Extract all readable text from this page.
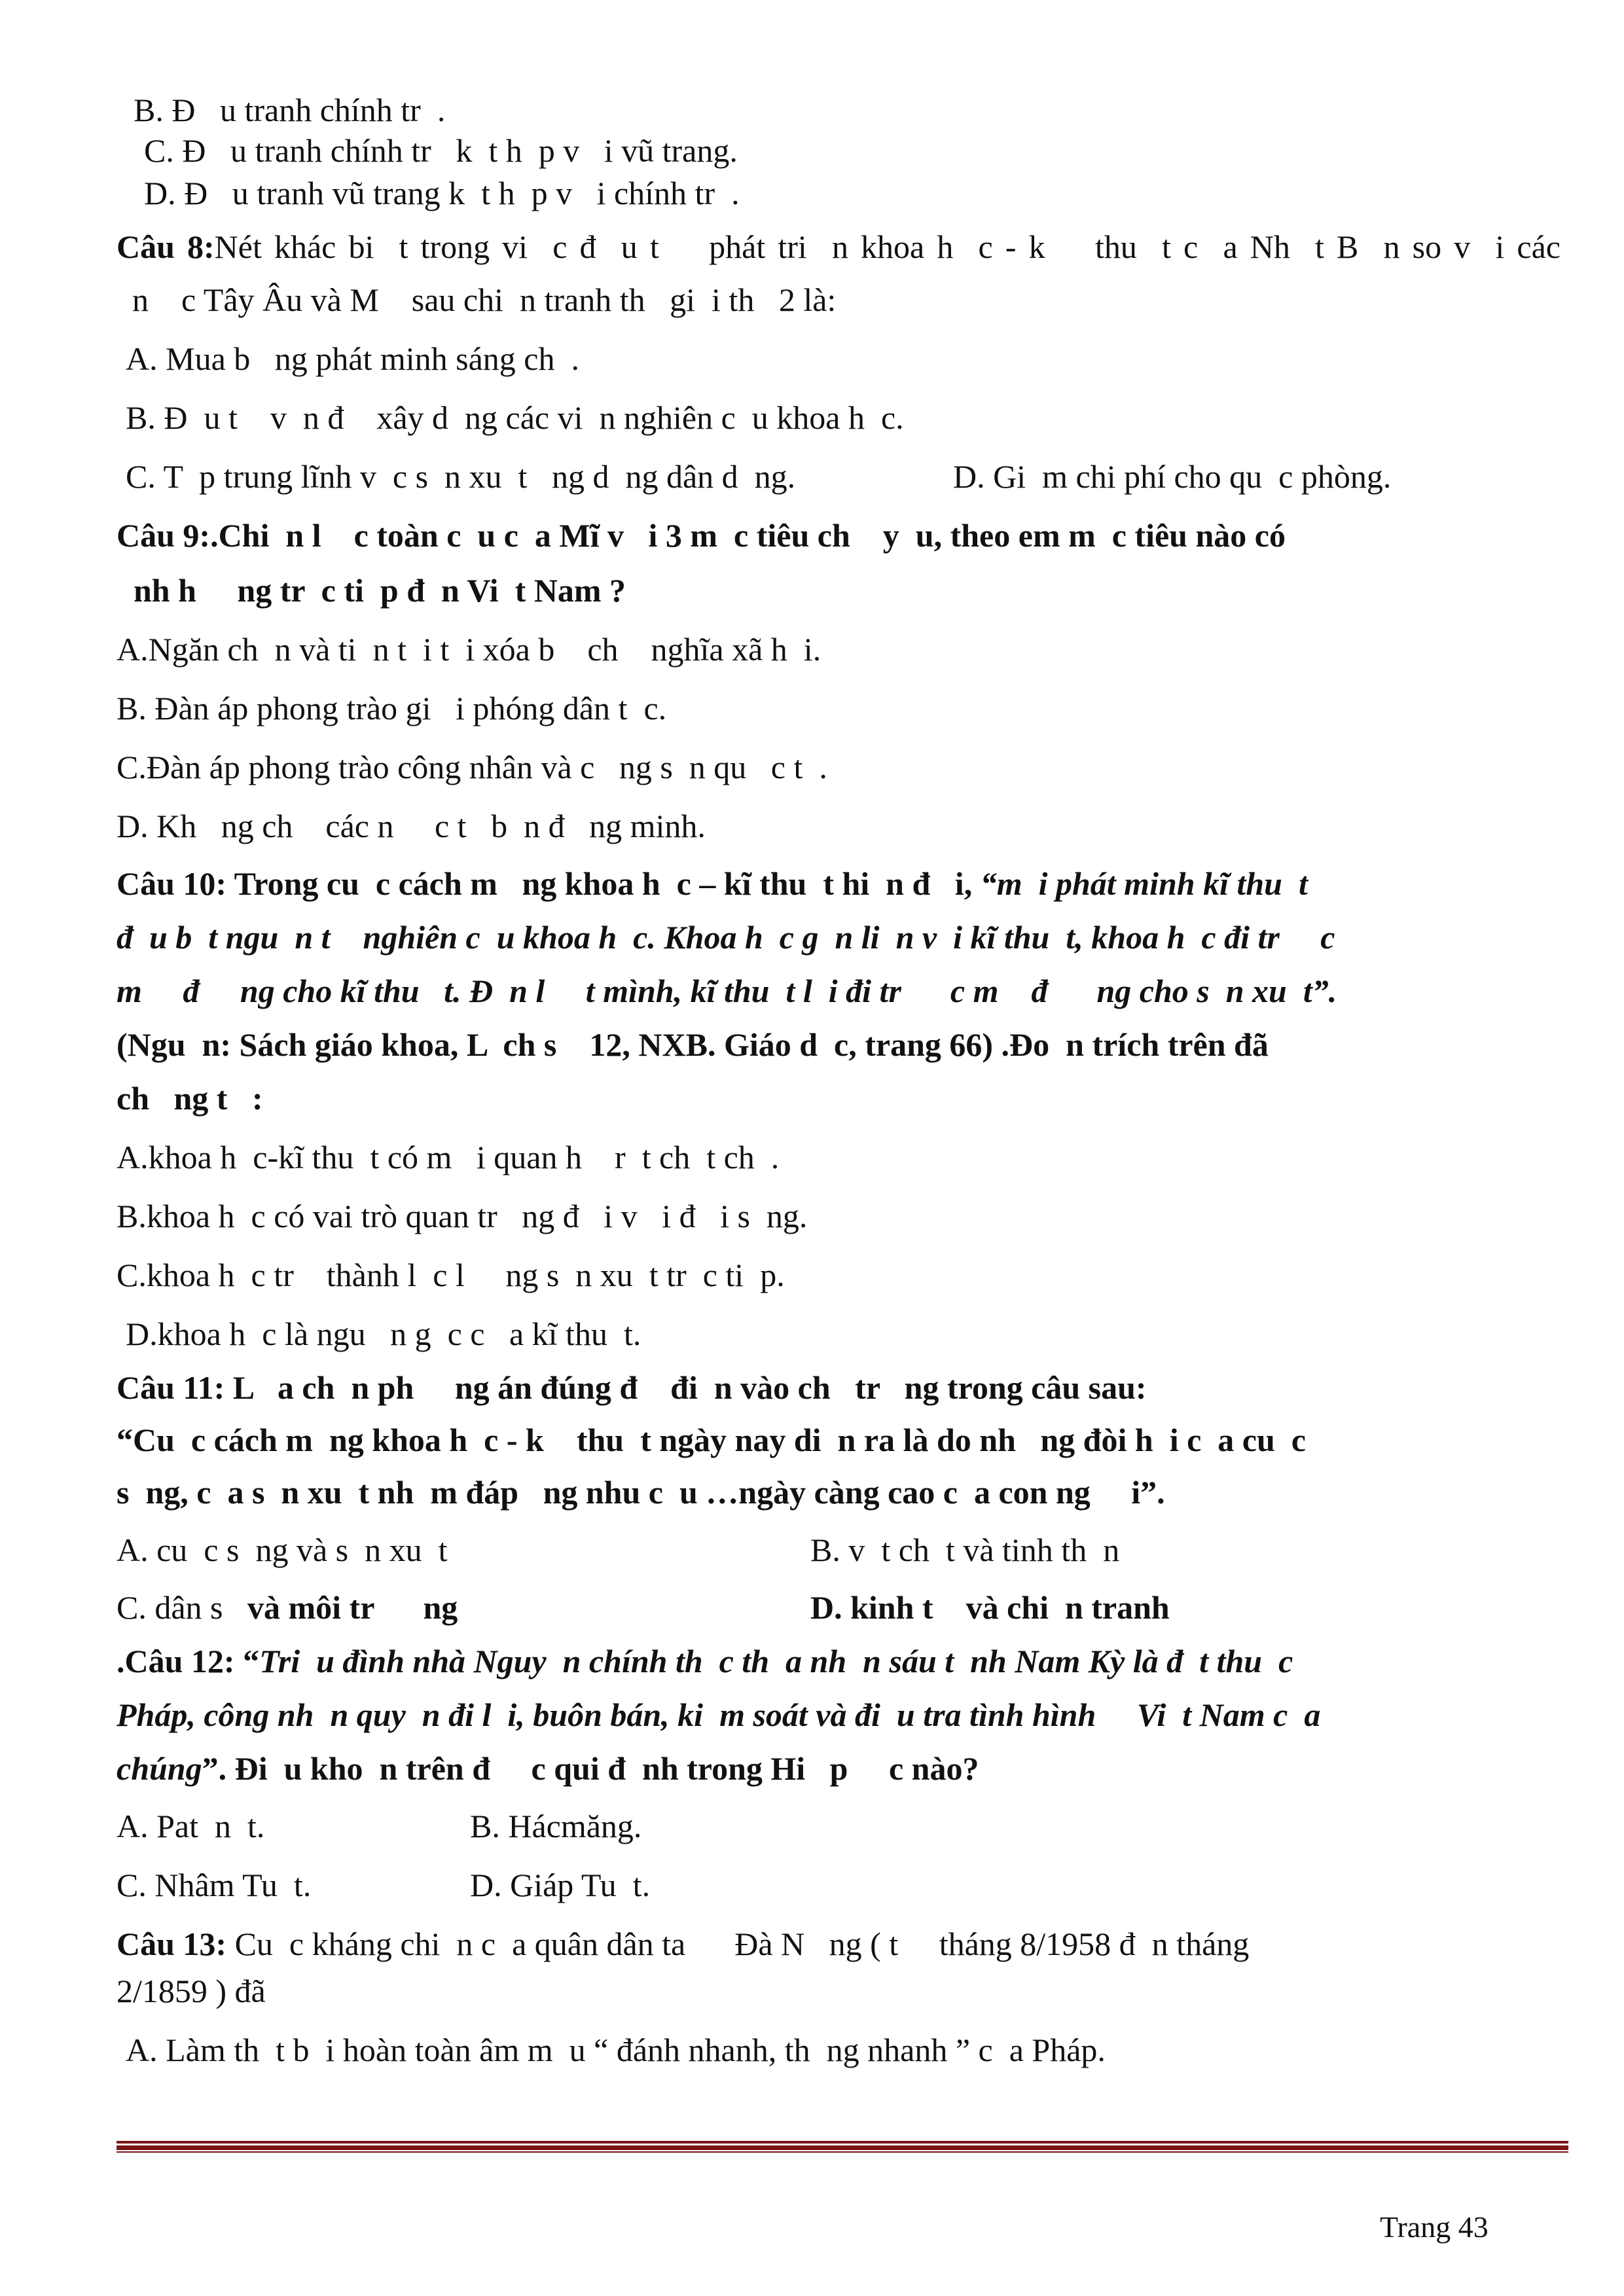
B. Đ   u tranh chính tr  .
C. Đ   u tranh chính tr   k  t h  p v   i vũ trang.
D. Đ   u tranh vũ trang k  t h  p v   i chính tr  .
Câu 8:Nét khác bi  t trong vi  c đ  u t    phát tri  n khoa h  c - k    thu  t c  a Nh  t B  n so v  i các
n    c Tây Âu và M    sau chi  n tranh th   gi  i th   2 là:
A. Mua b   ng phát minh sáng ch  .
B. Đ  u t    v  n đ    xây d  ng các vi  n nghiên c  u khoa h  c.
C. T  p trung lĩnh v  c s  n xu  t   ng d  ng dân d  ng.	D. Gi  m chi phí cho qu  c phòng.
Câu 9:.Chi  n l    c toàn c  u c  a Mĩ v   i 3 m  c tiêu ch    y  u, theo em m  c tiêu nào có
nh h     ng tr  c ti  p đ  n Vi  t Nam ?
A.Ngăn ch  n và ti  n t  i t  i xóa b    ch    nghĩa xã h  i.
B. Đàn áp phong trào gi   i phóng dân t  c.
C.Đàn áp phong trào công nhân và c   ng s  n qu   c t  .
D. Kh   ng ch    các n     c t   b  n đ   ng minh.
Câu 10: Trong cu  c cách m   ng khoa h  c – kĩ thu  t hi  n đ   i, “m  i phát minh kĩ thu  t
đ  u b  t ngu  n t    nghiên c  u khoa h  c. Khoa h  c g  n li  n v  i kĩ thu  t, khoa h  c đi tr     c
m     đ     ng cho kĩ thu   t. Đ  n l     t mình, kĩ thu  t l  i đi tr      c m    đ      ng cho s  n xu  t”.
(Ngu  n: Sách giáo khoa, L  ch s    12, NXB. Giáo d  c, trang 66) .Đo  n trích trên đã
ch   ng t   :
A.khoa h  c-kĩ thu  t có m   i quan h    r  t ch  t ch  .
B.khoa h  c có vai trò quan tr   ng đ   i v   i đ   i s  ng.
C.khoa h  c tr    thành l  c l     ng s  n xu  t tr  c ti  p.
D.khoa h  c là ngu   n g  c c   a kĩ thu  t.
Câu 11: L   a ch  n ph     ng án đúng đ    đi  n vào ch   tr   ng trong câu sau:
“Cu  c cách m  ng khoa h  c - k    thu  t ngày nay di  n ra là do nh   ng đòi h  i c  a cu  c
s  ng, c  a s  n xu  t nh  m đáp   ng nhu c  u …ngày càng cao c  a con ng     i”.
A. cu  c s  ng và s  n xu  t	B. v  t ch  t và tinh th  n
C. dân s   và môi tr      ng	D. kinh t    và chi  n tranh
.Câu 12: “Tri  u đình nhà Nguy  n chính th  c th  a nh  n sáu t  nh Nam Kỳ là đ  t thu  c
Pháp, công nh  n quy  n đi l  i, buôn bán, ki  m soát và đi  u tra tình hình     Vi  t Nam c  a
chúng”. Đi  u kho  n trên đ     c qui đ  nh trong Hi   p     c nào?
A. Pat  n  t.	B. Hácmăng.
C. Nhâm Tu  t.	D. Giáp Tu  t.
Câu 13: Cu  c kháng chi  n c  a quân dân ta      Đà N   ng ( t     tháng 8/1958 đ  n tháng
2/1859 ) đã
A. Làm th  t b  i hoàn toàn âm m  u “ đánh nhanh, th  ng nhanh ” c  a Pháp.
Trang 43
